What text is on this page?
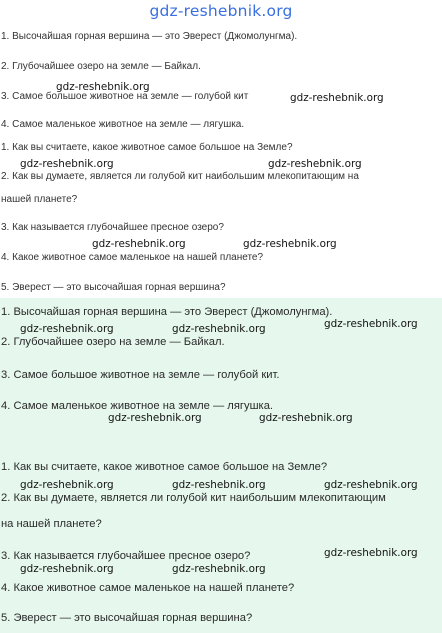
1. Высочайшая горная вершина — это Эверест (Джомолунгма).
2. Глубочайшее озеро на земле — Байкал.
3. Самое большое животное на земле — голубой кит
4. Самое маленькое животное на земле — лягушка.
1. Как вы считаете, какое животное самое большое на Земле?
2. Как вы думаете, является ли голубой кит наибольшим млекопитающим на
нашей планете?
3. Как называется глубочайшее пресное озеро?
4. Какое животное самое маленькое на нашей планете?
5. Эверест — это высочайшая горная вершина?
1. Высочайшая горная вершина — это Эверест (Джомолунгма).
2. Глубочайшее озеро на земле — Байкал.
3. Самое большое животное на земле — голубой кит.
4. Самое маленькое животное на земле — лягушка.
1. Как вы считаете, какое животное самое большое на Земле?
2. Как вы думаете, является ли голубой кит наибольшим млекопитающим
на нашей планете?
3. Как называется глубочайшее пресное озеро?
4. Какое животное самое маленькое на нашей планете?
5. Эверест — это высочайшая горная вершина?
gdz-reshebnik.org
gdz-reshebnik.org
gdz-reshebnik.org
gdz-reshebnik.org	gdz-reshebnik.org
gdz-reshebnik.org	gdz-reshebnik.org
gdz-reshebnik.org
gdz-reshebnik.org	gdz-reshebnik.org
gdz-reshebnik.org	gdz-reshebnik.org
gdz-reshebnik.org	gdz-reshebnik.org	gdz-reshebnik.org
gdz-reshebnik.org
gdz-reshebnik.org	gdz-reshebnik.org
